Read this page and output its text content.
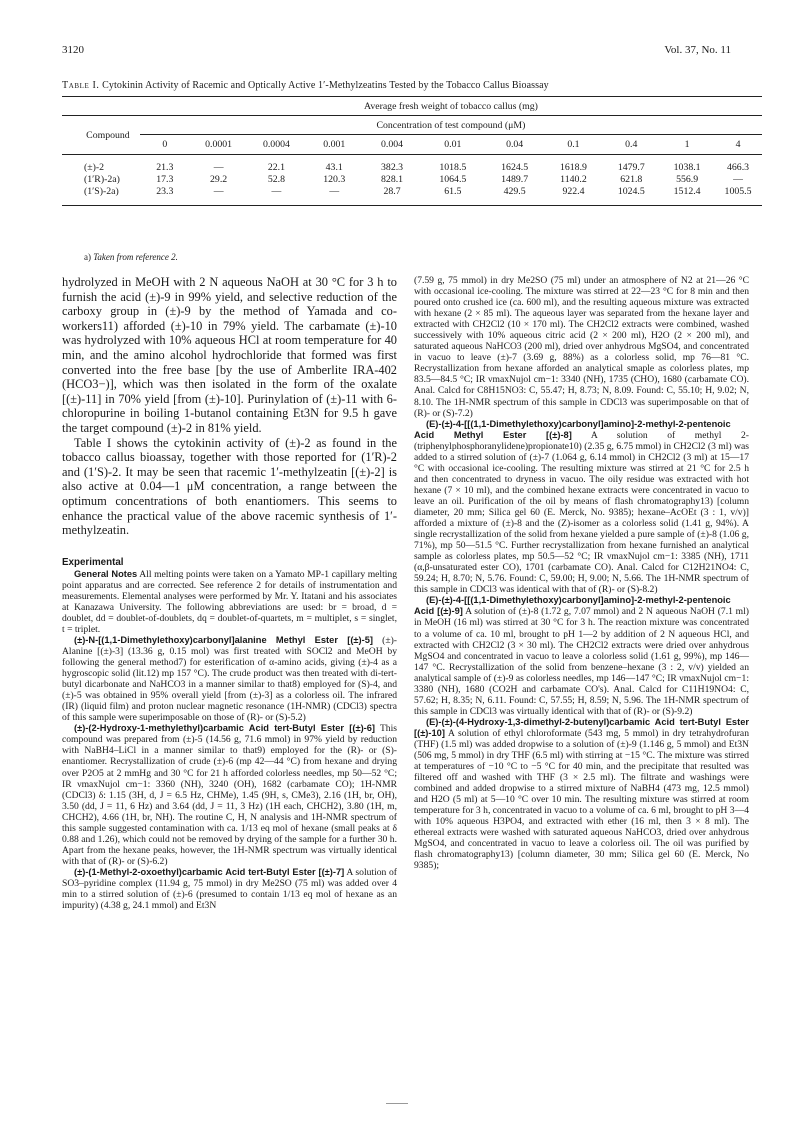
3120	Vol. 37, No. 11
Table I. Cytokinin Activity of Racemic and Optically Active 1′-Methylzeatins Tested by the Tobacco Callus Bioassay
	Average fresh weight of tobacco callus (mg)										
Compound	Concentration of test compound (μM)										
	0	0.0001	0.0004	0.001	0.004	0.01	0.04	0.1	0.4	1	4
(±)-2	21.3	—	22.1	43.1	382.3	1018.5	1624.5	1618.9	1479.7	1038.1	466.3
(1′R)-2a)	17.3	29.2	52.8	120.3	828.1	1064.5	1489.7	1140.2	621.8	556.9	—
(1′S)-2a)	23.3	—	—	—	28.7	61.5	429.5	922.4	1024.5	1512.4	1005.5
a) Taken from reference 2.

hydrolyzed in MeOH with 2 N aqueous NaOH at 30 °C for 3 h to furnish the acid (±)-9 in 99% yield, and selective reduction of the carboxy group in (±)-9 by the method of Yamada and co-workers11) afforded (±)-10 in 79% yield. The carbamate (±)-10 was hydrolyzed with 10% aqueous HCl at room temperature for 40 min, and the amino alcohol hydrochloride that formed was first converted into the free base [by the use of Amberlite IRA-402 (HCO3−)], which was then isolated in the form of the oxalate [(±)-11] in 70% yield [from (±)-10]. Purinylation of (±)-11 with 6-chloropurine in boiling 1-butanol containing Et3N for 9.5 h gave the target compound (±)-2 in 81% yield.

Table I shows the cytokinin activity of (±)-2 as found in the tobacco callus bioassay, together with those reported for (1′R)-2 and (1′S)-2. It may be seen that racemic 1′-methylzeatin [(±)-2] is also active at 0.04—1 μM concentration, a range between the optimum concentrations of both enantiomers. This seems to enhance the practical value of the above racemic synthesis of 1′-methylzeatin.

Experimental

General Notes All melting points were taken on a Yamato MP-1 capillary melting point apparatus and are corrected. See reference 2 for details of instrumentation and measurements. Elemental analyses were performed by Mr. Y. Itatani and his associates at Kanazawa University. The following abbreviations are used: br = broad, d = doublet, dd = doublet-of-doublets, dq = doublet-of-quartets, m = multiplet, s = singlet, t = triplet.

(±)-N-[(1,1-Dimethylethoxy)carbonyl]alanine Methyl Ester [(±)-5] (±)-Alanine [(±)-3] (13.36 g, 0.15 mol) was first treated with SOCl2 and MeOH by following the general method7) for esterification of α-amino acids, giving (±)-4 as a hygroscopic solid (lit.12) mp 157 °C). The crude product was then treated with di-tert-butyl dicarbonate and NaHCO3 in a manner similar to that8) employed for (S)-4, and (±)-5 was obtained in 95% overall yield [from (±)-3] as a colorless oil. The infrared (IR) (liquid film) and proton nuclear magnetic resonance (1H-NMR) (CDCl3) spectra of this sample were superimposable on those of (R)- or (S)-5.2)

(±)-(2-Hydroxy-1-methylethyl)carbamic Acid tert-Butyl Ester [(±)-6] This compound was prepared from (±)-5 (14.56 g, 71.6 mmol) in 97% yield by reduction with NaBH4–LiCl in a manner similar to that9) employed for the (R)- or (S)-enantiomer. Recrystallization of crude (±)-6 (mp 42—44 °C) from hexane and drying over P2O5 at 2 mmHg and 30 °C for 21 h afforded colorless needles, mp 50—52 °C; IR νmaxNujol cm−1: 3360 (NH), 3240 (OH), 1682 (carbamate CO); 1H-NMR (CDCl3) δ: 1.15 (3H, d, J = 6.5 Hz, CHMe), 1.45 (9H, s, CMe3), 2.16 (1H, br, OH), 3.50 (dd, J = 11, 6 Hz) and 3.64 (dd, J = 11, 3 Hz) (1H each, CHCH2), 3.80 (1H, m, CHCH2), 4.66 (1H, br, NH). The routine C, H, N analysis and 1H-NMR spectrum of this sample suggested contamination with ca. 1/13 eq mol of hexane (small peaks at δ 0.88 and 1.26), which could not be removed by drying of the sample for a further 30 h. Apart from the hexane peaks, however, the 1H-NMR spectrum was virtually identical with that of (R)- or (S)-6.2)

(±)-(1-Methyl-2-oxoethyl)carbamic Acid tert-Butyl Ester [(±)-7] A solution of SO3–pyridine complex (11.94 g, 75 mmol) in dry Me2SO (75 ml) was added over 4 min to a stirred solution of (±)-6 (presumed to contain 1/13 eq mol of hexane as an impurity) (4.38 g, 24.1 mmol) and Et3N

(7.59 g, 75 mmol) in dry Me2SO (75 ml) under an atmosphere of N2 at 21—26 °C with occasional ice-cooling. The mixture was stirred at 22—23 °C for 8 min and then poured onto crushed ice (ca. 600 ml), and the resulting aqueous mixture was extracted with hexane (2 × 85 ml). The aqueous layer was separated from the hexane layer and extracted with CH2Cl2 (10 × 170 ml). The CH2Cl2 extracts were combined, washed successively with 10% aqueous citric acid (2 × 200 ml), H2O (2 × 200 ml), and saturated aqueous NaHCO3 (200 ml), dried over anhydrous MgSO4, and concentrated in vacuo to leave (±)-7 (3.69 g, 88%) as a colorless solid, mp 76—81 °C. Recrystallization from hexane afforded an analytical smaple as colorless plates, mp 83.5—84.5 °C; IR νmaxNujol cm−1: 3340 (NH), 1735 (CHO), 1680 (carbamate CO). Anal. Calcd for C8H15NO3: C, 55.47; H, 8.73; N, 8.09. Found: C, 55.10; H, 9.02; N, 8.10. The 1H-NMR spectrum of this sample in CDCl3 was superimposable on that of (R)- or (S)-7.2)

(E)-(±)-4-[[(1,1-Dimethylethoxy)carbonyl]amino]-2-methyl-2-pentenoic Acid Methyl Ester [(±)-8] A solution of methyl 2-(triphenylphosphoranylidene)propionate10) (2.35 g, 6.75 mmol) in CH2Cl2 (3 ml) was added to a stirred solution of (±)-7 (1.064 g, 6.14 mmol) in CH2Cl2 (3 ml) at 15—17 °C with occasional ice-cooling. The resulting mixture was stirred at 21 °C for 2.5 h and then concentrated to dryness in vacuo. The oily residue was extracted with hot hexane (7 × 10 ml), and the combined hexane extracts were concentrated in vacuo to leave an oil. Purification of the oil by means of flash chromatography13) [column diameter, 20 mm; Silica gel 60 (E. Merck, No. 9385); hexane–AcOEt (3 : 1, v/v)] afforded a mixture of (±)-8 and the (Z)-isomer as a colorless solid (1.41 g, 94%). A single recrystallization of the solid from hexane yielded a pure sample of (±)-8 (1.06 g, 71%), mp 50—51.5 °C. Further recrystallization from hexane furnished an analytical sample as colorless plates, mp 50.5—52 °C; IR νmaxNujol cm−1: 3385 (NH), 1711 (α,β-unsaturated ester CO), 1701 (carbamate CO). Anal. Calcd for C12H21NO4: C, 59.24; H, 8.70; N, 5.76. Found: C, 59.00; H, 9.00; N, 5.66. The 1H-NMR spectrum of this sample in CDCl3 was identical with that of (R)- or (S)-8.2)

(E)-(±)-4-[[(1,1-Dimethylethoxy)carbonyl]amino]-2-methyl-2-pentenoic Acid [(±)-9] A solution of (±)-8 (1.72 g, 7.07 mmol) and 2 N aqueous NaOH (7.1 ml) in MeOH (16 ml) was stirred at 30 °C for 3 h. The reaction mixture was concentrated to a volume of ca. 10 ml, brought to pH 1—2 by addition of 2 N aqueous HCl, and extracted with CH2Cl2 (3 × 30 ml). The CH2Cl2 extracts were dried over anhydrous MgSO4 and concentrated in vacuo to leave a colorless solid (1.61 g, 99%), mp 146—147 °C. Recrystallization of the solid from benzene–hexane (3 : 2, v/v) yielded an analytical sample of (±)-9 as colorless needles, mp 146—147 °C; IR νmaxNujol cm−1: 3380 (NH), 1680 (CO2H and carbamate CO's). Anal. Calcd for C11H19NO4: C, 57.62; H, 8.35; N, 6.11. Found: C, 57.55; H, 8.59; N, 5.96. The 1H-NMR spectrum of this sample in CDCl3 was virtually identical with that of (R)- or (S)-9.2)

(E)-(±)-(4-Hydroxy-1,3-dimethyl-2-butenyl)carbamic Acid tert-Butyl Ester [(±)-10] A solution of ethyl chloroformate (543 mg, 5 mmol) in dry tetrahydrofuran (THF) (1.5 ml) was added dropwise to a solution of (±)-9 (1.146 g, 5 mmol) and Et3N (506 mg, 5 mmol) in dry THF (6.5 ml) with stirring at −15 °C. The mixture was stirred at temperatures of −10 °C to −5 °C for 40 min, and the precipitate that resulted was filtered off and washed with THF (3 × 2.5 ml). The filtrate and washings were combined and added dropwise to a stirred mixture of NaBH4 (473 mg, 12.5 mmol) and H2O (5 ml) at 5—10 °C over 10 min. The resulting mixture was stirred at room temperature for 3 h, concentrated in vacuo to a volume of ca. 6 ml, brought to pH 3—4 with 10% aqueous H3PO4, and extracted with ether (16 ml, then 3 × 8 ml). The ethereal extracts were washed with saturated aqueous NaHCO3, dried over anhydrous MgSO4, and concentrated in vacuo to leave a colorless oil. The oil was purified by flash chromatography13) [column diameter, 30 mm; Silica gel 60 (E. Merck, No 9385);
